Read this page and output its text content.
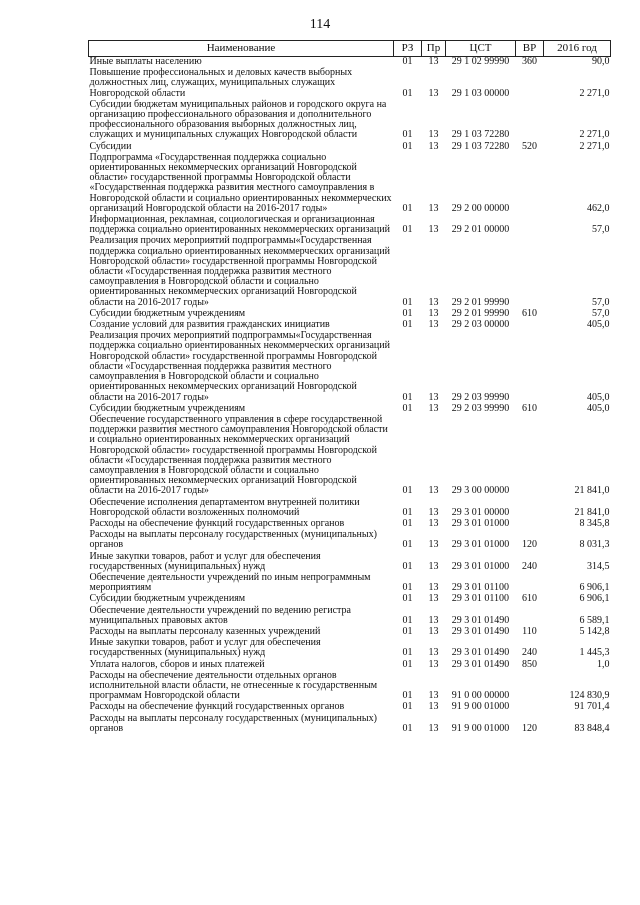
114
Наименование	РЗ	Пр	ЦСТ	ВР	2016 год
Иные выплаты населению	01	13	29 1 02 99990	360	90,0
Повышение профессиональных и деловых качеств выборных должностных лиц, служащих, муниципальных служащих Новгородской области	01	13	29 1 03 00000		2 271,0
Субсидии бюджетам муниципальных районов и городского округа на организацию профессионального образования и дополнительного профессионального образования выборных должностных лиц, служащих и муниципальных служащих Новгородской области	01	13	29 1 03 72280		2 271,0
Субсидии	01	13	29 1 03 72280	520	2 271,0
Подпрограмма «Государственная поддержка социально ориентированных некоммерческих организаций Новгородской области» государственной программы Новгородской области «Государственная поддержка развития местного самоуправления в Новгородской области и социально ориентированных некоммерческих организаций Новгородской области на 2016-2017 годы»	01	13	29 2 00 00000		462,0
Информационная, рекламная, социологическая и организационная поддержка социально ориентированных некоммерческих организаций	01	13	29 2 01 00000		57,0
Реализация прочих мероприятий подпрограммы«Государственная поддержка социально ориентированных некоммерческих организаций Новгородской области» государственной программы Новгородской области «Государственная поддержка развития местного самоуправления в Новгородской области и социально ориентированных некоммерческих организаций Новгородской области на 2016-2017 годы»	01	13	29 2 01 99990		57,0
Субсидии бюджетным учреждениям	01	13	29 2 01 99990	610	57,0
Создание условий для развития гражданских инициатив	01	13	29 2 03 00000		405,0
Реализация прочих мероприятий подпрограммы«Государственная поддержка социально ориентированных некоммерческих организаций Новгородской области» государственной программы Новгородской области «Государственная поддержка развития местного самоуправления в Новгородской области и социально ориентированных некоммерческих организаций Новгородской области на 2016-2017 годы»	01	13	29 2 03 99990		405,0
Субсидии бюджетным учреждениям	01	13	29 2 03 99990	610	405,0
Обеспечение государственного управления в сфере государственной поддержки развития местного самоуправления Новгородской области и социально ориентированных некоммерческих организаций Новгородской области» государственной программы Новгородской области «Государственная поддержка развития местного самоуправления в Новгородской области и социально ориентированных некоммерческих организаций Новгородской области на 2016-2017 годы»	01	13	29 3 00 00000		21 841,0
Обеспечение исполнения департаментом внутренней политики Новгородской области возложенных полномочий	01	13	29 3 01 00000		21 841,0
Расходы на обеспечение функций государственных органов	01	13	29 3 01 01000		8 345,8
Расходы на выплаты персоналу государственных (муниципальных) органов	01	13	29 3 01 01000	120	8 031,3
Иные закупки товаров, работ и услуг для обеспечения государственных (муниципальных) нужд	01	13	29 3 01 01000	240	314,5
Обеспечение деятельности учреждений по иным непрограммным мероприятиям	01	13	29 3 01 01100		6 906,1
Субсидии бюджетным учреждениям	01	13	29 3 01 01100	610	6 906,1
Обеспечение деятельности учреждений по ведению регистра муниципальных правовых актов	01	13	29 3 01 01490		6 589,1
Расходы на выплаты персоналу казенных учреждений	01	13	29 3 01 01490	110	5 142,8
Иные закупки товаров, работ и услуг для обеспечения государственных (муниципальных) нужд	01	13	29 3 01 01490	240	1 445,3
Уплата налогов, сборов и иных платежей	01	13	29 3 01 01490	850	1,0
Расходы на обеспечение деятельности отдельных органов исполнительной власти области, не отнесенные к государственным программам Новгородской области	01	13	91 0 00 00000		124 830,9
Расходы на обеспечение функций государственных органов	01	13	91 9 00 01000		91 701,4
Расходы на выплаты персоналу государственных (муниципальных) органов	01	13	91 9 00 01000	120	83 848,4
